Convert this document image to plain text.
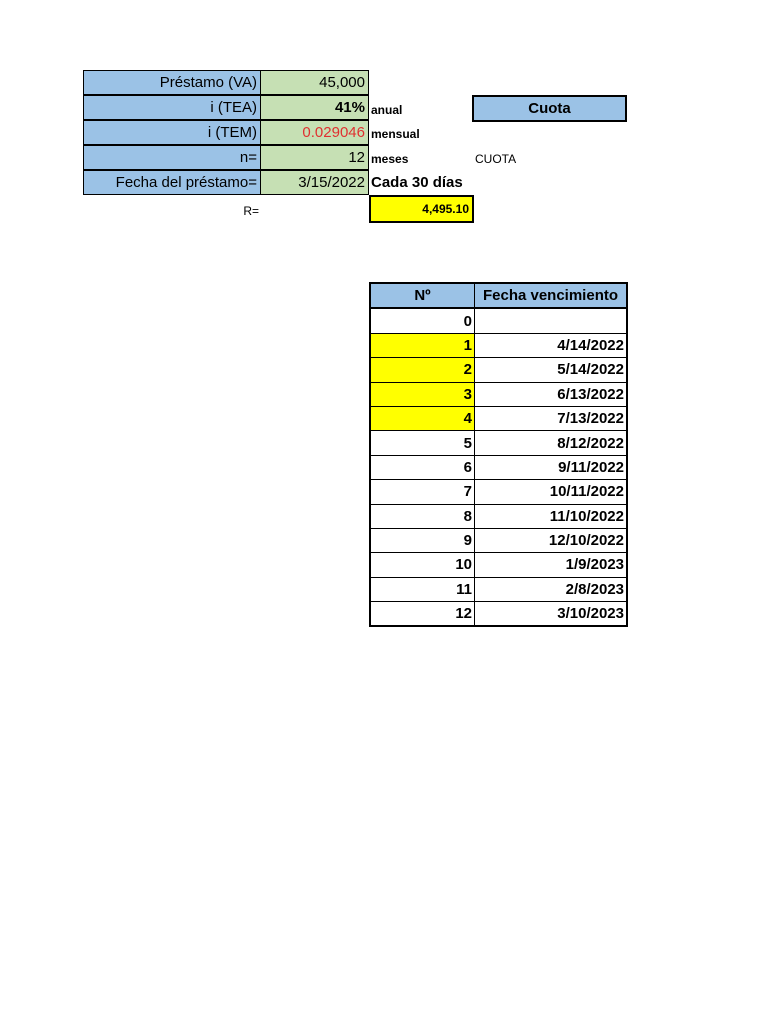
Préstamo (VA)	45,000
i (TEA)	41% anual
i (TEM)	0.029046 mensual
n=	12 meses
Fecha del préstamo=	3/15/2022 Cada 30 días
R=	4,495.10
Cuota
CUOTA
Nº	Fecha vencimiento
0
1	4/14/2022
2	5/14/2022
3	6/13/2022
4	7/13/2022
5	8/12/2022
6	9/11/2022
7	10/11/2022
8	11/10/2022
9	12/10/2022
10	1/9/2023
11	2/8/2023
12	3/10/2023
